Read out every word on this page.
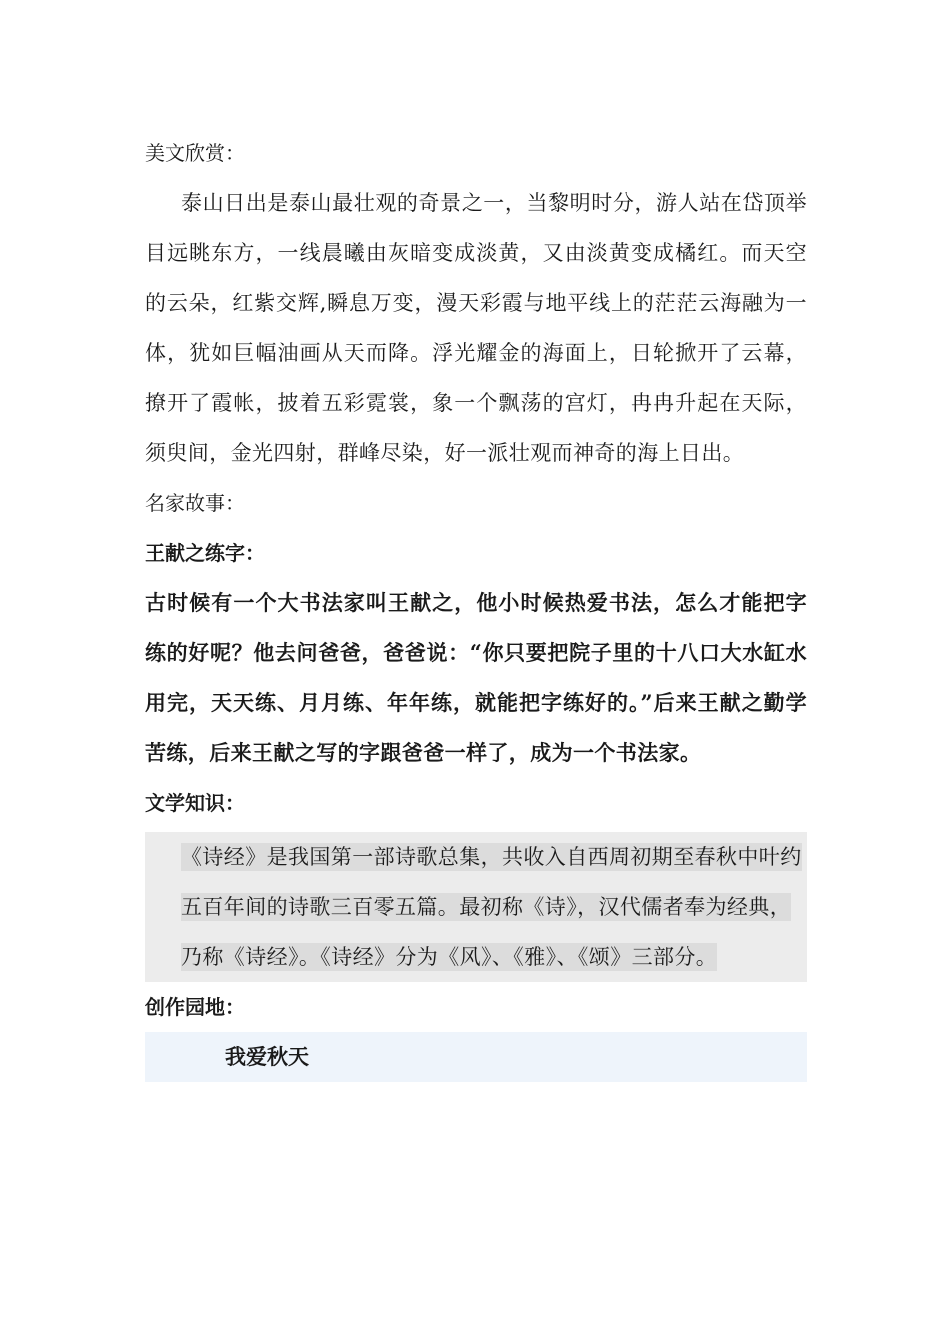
美文欣赏：
泰山日出是泰山最壮观的奇景之一，当黎明时分，游人站在岱顶举目远眺东方，一线晨曦由灰暗变成淡黄，又由淡黄变成橘红。而天空的云朵，红紫交辉,瞬息万变，漫天彩霞与地平线上的茫茫云海融为一体，犹如巨幅油画从天而降。浮光耀金的海面上，日轮掀开了云幕，撩开了霞帐，披着五彩霓裳，象一个飘荡的宫灯，冉冉升起在天际，须臾间，金光四射，群峰尽染，好一派壮观而神奇的海上日出。
名家故事：
王献之练字：
古时候有一个大书法家叫王献之，他小时候热爱书法，怎么才能把字练的好呢？他去问爸爸，爸爸说：“你只要把院子里的十八口大水缸水用完，天天练、月月练、年年练，就能把字练好的。”后来王献之勤学苦练，后来王献之写的字跟爸爸一样了，成为一个书法家。
文学知识：
《诗经》是我国第一部诗歌总集，共收入自西周初期至春秋中叶约五百年间的诗歌三百零五篇。最初称《诗》，汉代儒者奉为经典，乃称《诗经》。《诗经》分为《风》、《雅》、《颂》三部分。
创作园地：
我爱秋天
